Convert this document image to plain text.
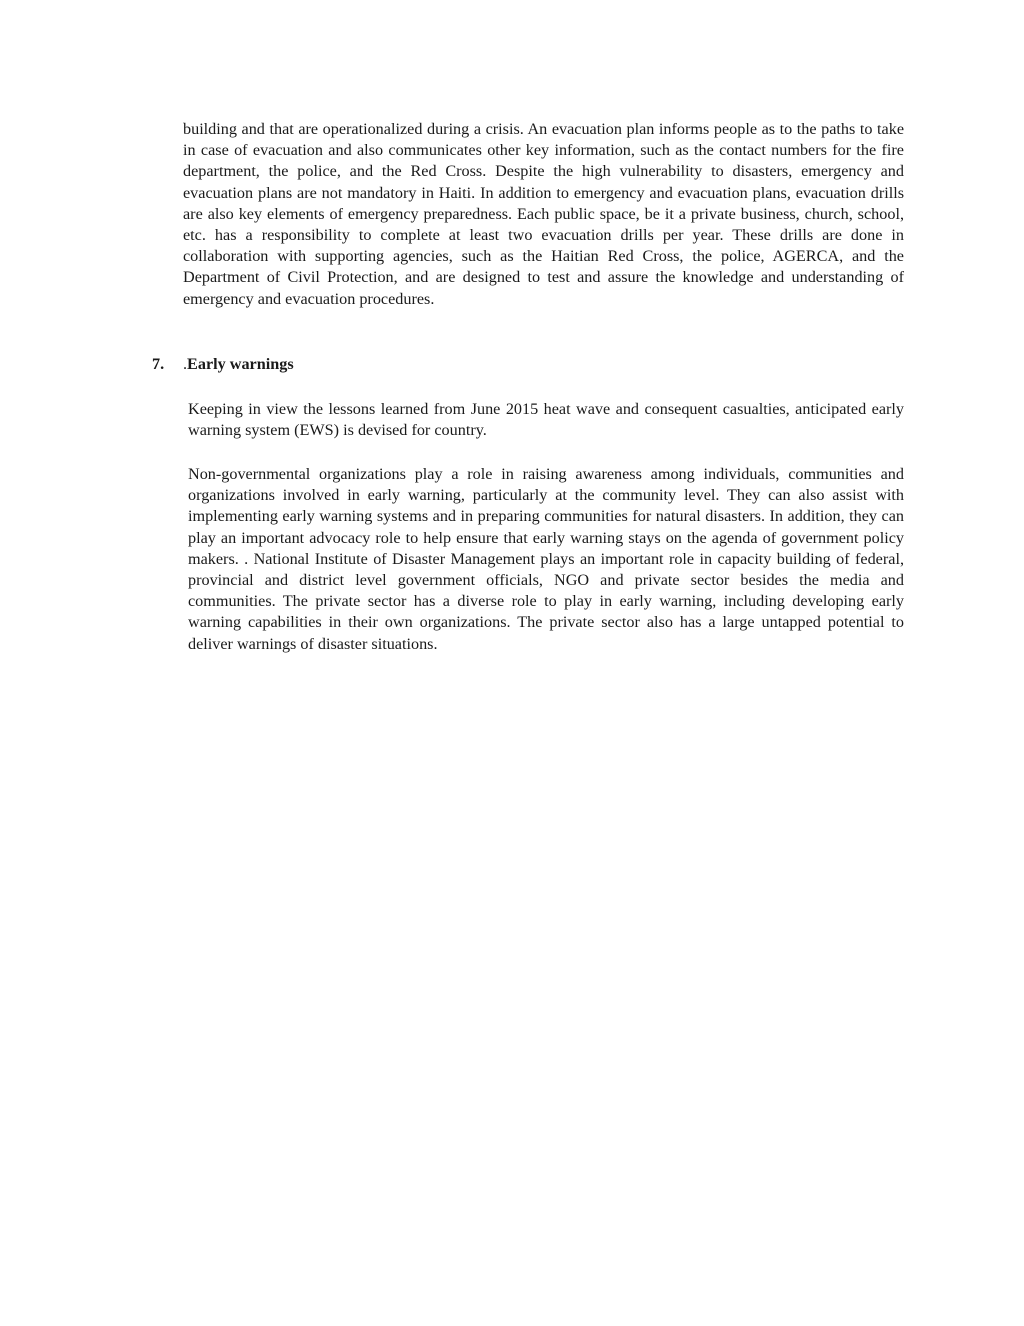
building and that are operationalized during a crisis. An evacuation plan informs people as to the paths to take in case of evacuation and also communicates other key information, such as the contact numbers for the fire department, the police, and the Red Cross. Despite the high vulnerability to disasters, emergency and evacuation plans are not mandatory in Haiti. In addition to emergency and evacuation plans, evacuation drills are also key elements of emergency preparedness. Each public space, be it a private business, church, school, etc. has a responsibility to complete at least two evacuation drills per year. These drills are done in collaboration with supporting agencies, such as the Haitian Red Cross, the police, AGERCA, and the Department of Civil Protection, and are designed to test and assure the knowledge and understanding of emergency and evacuation procedures.

7. .Early warnings

Keeping in view the lessons learned from June 2015 heat wave and consequent casualties, anticipated early warning system (EWS) is devised for country.

Non-governmental organizations play a role in raising awareness among individuals, communities and organizations involved in early warning, particularly at the community level. They can also assist with implementing early warning systems and in preparing communities for natural disasters. In addition, they can play an important advocacy role to help ensure that early warning stays on the agenda of government policy makers. . National Institute of Disaster Management plays an important role in capacity building of federal, provincial and district level government officials, NGO and private sector besides the media and communities. The private sector has a diverse role to play in early warning, including developing early warning capabilities in their own organizations. The private sector also has a large untapped potential to deliver warnings of disaster situations.
